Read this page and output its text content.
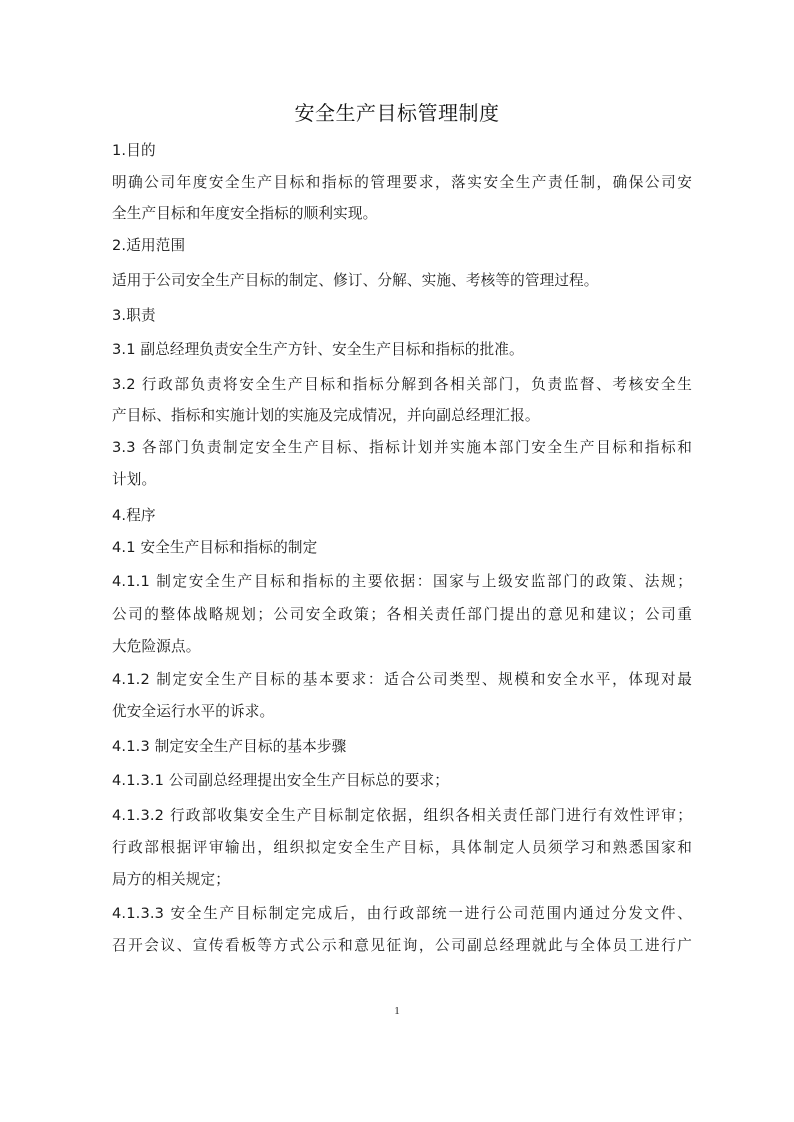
安全生产目标管理制度
1.目的
明确公司年度安全生产目标和指标的管理要求，落实安全生产责任制，确保公司安
全生产目标和年度安全指标的顺利实现。
2.适用范围
适用于公司安全生产目标的制定、修订、分解、实施、考核等的管理过程。
3.职责
3.1 副总经理负责安全生产方针、安全生产目标和指标的批准。
3.2 行政部负责将安全生产目标和指标分解到各相关部门，负责监督、考核安全生
产目标、指标和实施计划的实施及完成情况，并向副总经理汇报。
3.3 各部门负责制定安全生产目标、指标计划并实施本部门安全生产目标和指标和
计划。
4.程序
4.1 安全生产目标和指标的制定
4.1.1 制定安全生产目标和指标的主要依据：国家与上级安监部门的政策、法规；
公司的整体战略规划；公司安全政策；各相关责任部门提出的意见和建议；公司重
大危险源点。
4.1.2 制定安全生产目标的基本要求：适合公司类型、规模和安全水平，体现对最
优安全运行水平的诉求。
4.1.3 制定安全生产目标的基本步骤
4.1.3.1 公司副总经理提出安全生产目标总的要求；
4.1.3.2 行政部收集安全生产目标制定依据，组织各相关责任部门进行有效性评审；
行政部根据评审输出，组织拟定安全生产目标，具体制定人员须学习和熟悉国家和
局方的相关规定；
4.1.3.3 安全生产目标制定完成后，由行政部统一进行公司范围内通过分发文件、
召开会议、宣传看板等方式公示和意见征询，公司副总经理就此与全体员工进行广
1
